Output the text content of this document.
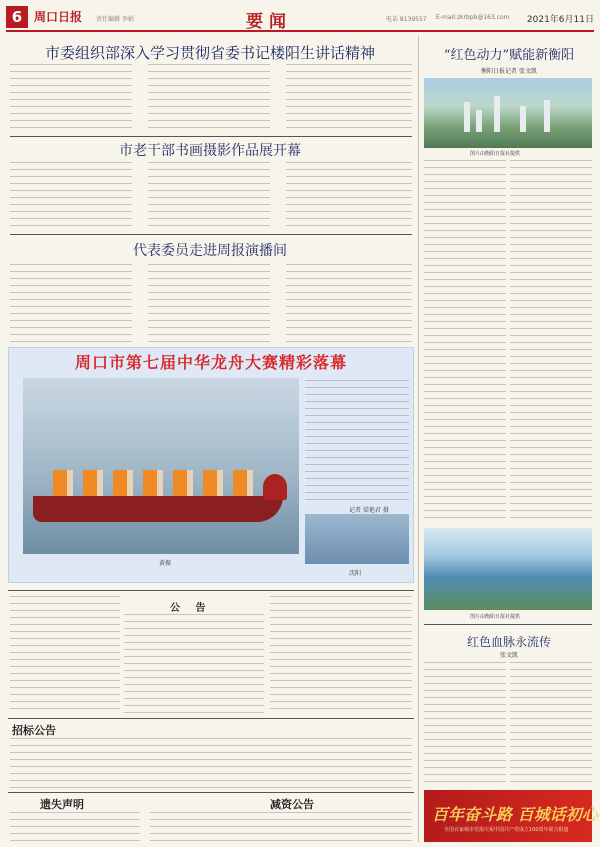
6 周口日报 责任编辑 李娟	要闻	电话 8139557 E-mail:zkrbpb@163.com 2021年6月11日
市委组织部深入学习贯彻省委书记楼阳生讲话精神
市老干部书画摄影作品展开幕
代表委员走进周报演播间
周口市第七届中华龙舟大赛精彩落幕
黄振
记者 梁艳君 摄
沈阳
公 告
招标公告
遗失声明	减资公告
“红色动力”赋能新衡阳
衡阳日报记者 张文凯
图片由衡阳日报社提供
图片由衡阳日报社提供
红色血脉永流传
张文凯
百年奋斗路 百城话初心
全国百家城市党报庆祝中国共产党成立100周年联合报道
